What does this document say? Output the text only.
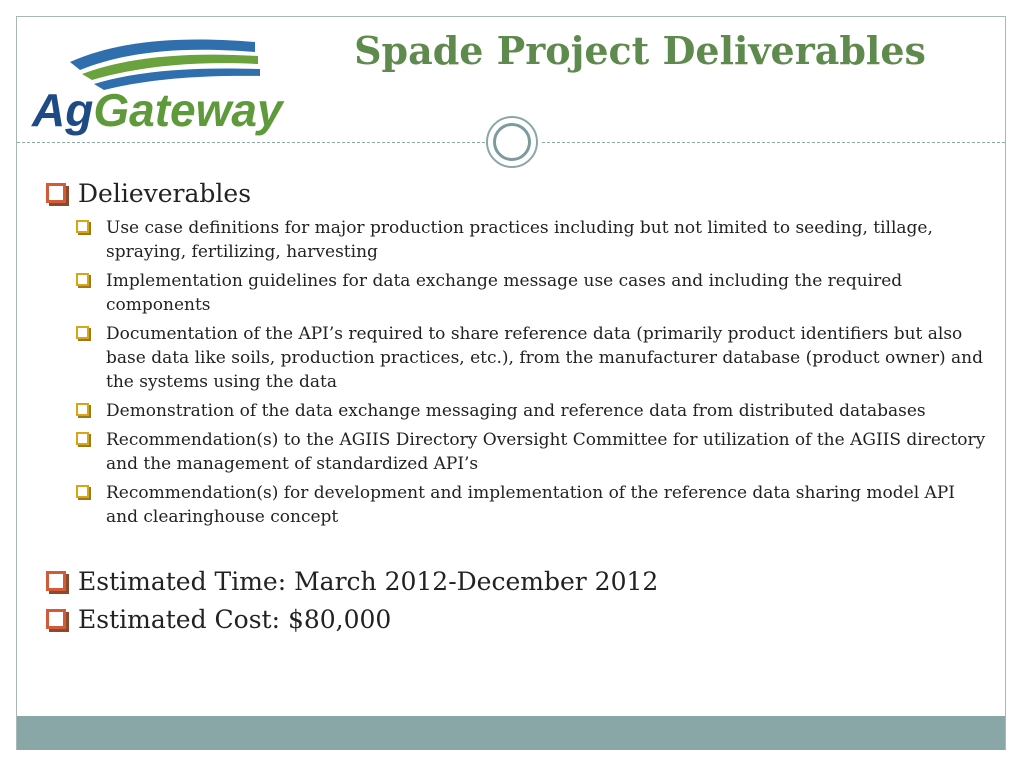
AgGateway
Spade Project Deliverables
Delieverables
Use case definitions for major production practices including but not limited to seeding, tillage, spraying, fertilizing, harvesting
Implementation guidelines for data exchange message use cases and including the required components
Documentation of the API’s required to share reference data (primarily product identifiers but also base data like soils, production practices, etc.), from the manufacturer database (product owner) and the systems using the data
Demonstration of the data exchange messaging and reference data from distributed databases
Recommendation(s) to the AGIIS Directory Oversight Committee for utilization of the AGIIS directory and the management of standardized API’s
Recommendation(s) for development and implementation of the reference data sharing model API and clearinghouse concept
Estimated Time: March 2012-December 2012
Estimated Cost: $80,000
